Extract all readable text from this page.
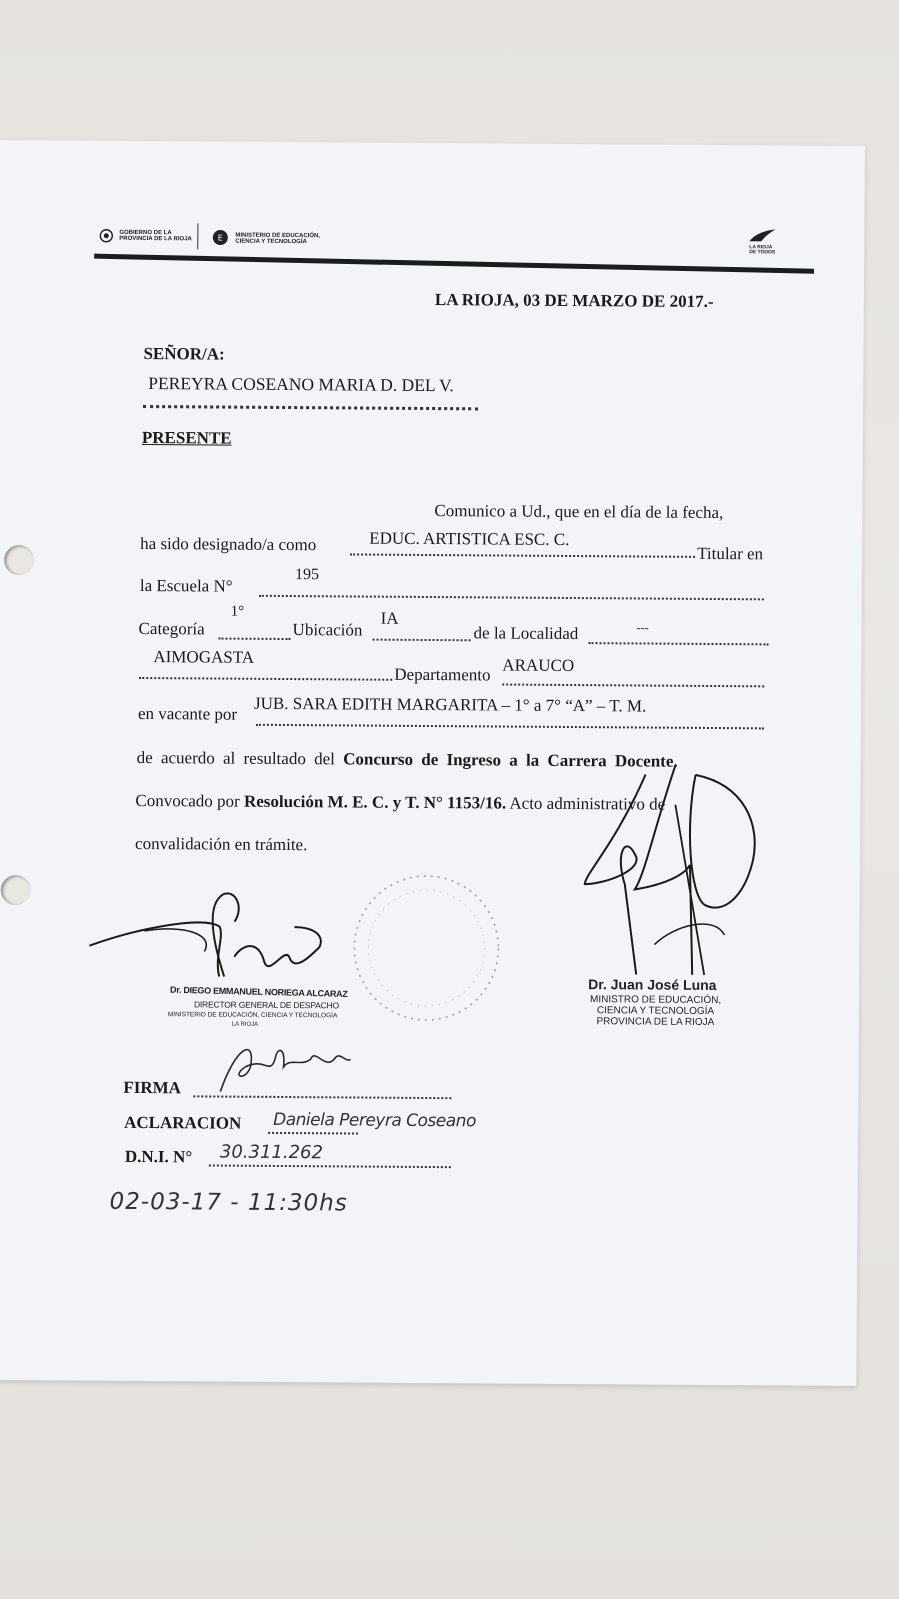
GOBIERNO DE LA
PROVINCIA DE LA RIOJA	E MINISTERIO DE EDUCACIÓN,
CIENCIA Y TECNOLOGÍA
LA RIOJA
DE TODOS
LA RIOJA, 03 DE MARZO DE 2017.-
SEÑOR/A:
PEREYRA COSEANO MARIA D. DEL V.
PRESENTE
Comunico a Ud., que en el día de la fecha,
ha sido designado/a como	EDUC. ARTISTICA ESC. C.
Titular en
la Escuela N°
195
Categoría
1°
Ubicación
IA
de la Localidad	---
AIMOGASTA
Departamento ARAUCO
en vacante por JUB. SARA EDITH MARGARITA – 1° a 7° “A” – T. M.
de acuerdo al resultado del Concurso de Ingreso a la Carrera Docente.
Convocado por Resolución M. E. C. y T. N° 1153/16. Acto administrativo de
convalidación en trámite.
Dr. Juan José Luna
MINISTRO DE EDUCACIÓN,
CIENCIA Y TECNOLOGÍA
PROVINCIA DE LA RIOJA
Dr. DIEGO EMMANUEL NORIEGA ALCARAZ
DIRECTOR GENERAL DE DESPACHO
MINISTERIO DE EDUCACIÓN, CIENCIA Y TECNOLOGÍA
LA RIOJA
FIRMA
ACLARACION Daniela Pereyra Coseano
D.N.I. N° 30.311.262
02-03-17 - 11:30hs
